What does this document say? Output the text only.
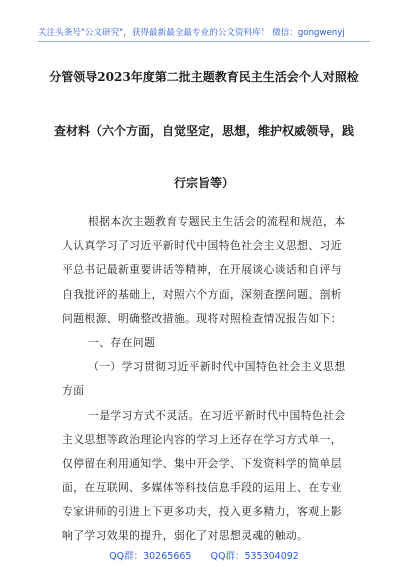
关注头条号"公文研究"，获得最新最全最专业的公文资料库！ 微信：gongwenyj
分管领导2023年度第二批主题教育民主生活会个人对照检
查材料（六个方面，自觉坚定，思想，维护权威领导，践
行宗旨等）
根据本次主题教育专题民主生活会的流程和规范，本
人认真学习了习近平新时代中国特色社会主义思想、习近
平总书记最新重要讲话等精神，在开展谈心谈话和自评与
自我批评的基础上，对照六个方面，深刻查摆问题、剖析
问题根源、明确整改措施。现将对照检查情况报告如下：
一、存在问题
（一）学习贯彻习近平新时代中国特色社会主义思想
方面
一是学习方式不灵活。在习近平新时代中国特色社会
主义思想等政治理论内容的学习上还存在学习方式单一，
仅停留在利用通知学、集中开会学、下发资料学的简单层
面，在互联网、多媒体等科技信息手段的运用上、在专业
专家讲师的引进上下更多功夫，投入更多精力，客观上影
响了学习效果的提升，弱化了对思想灵魂的触动。
QQ群：30265665 QQ群：535304092
